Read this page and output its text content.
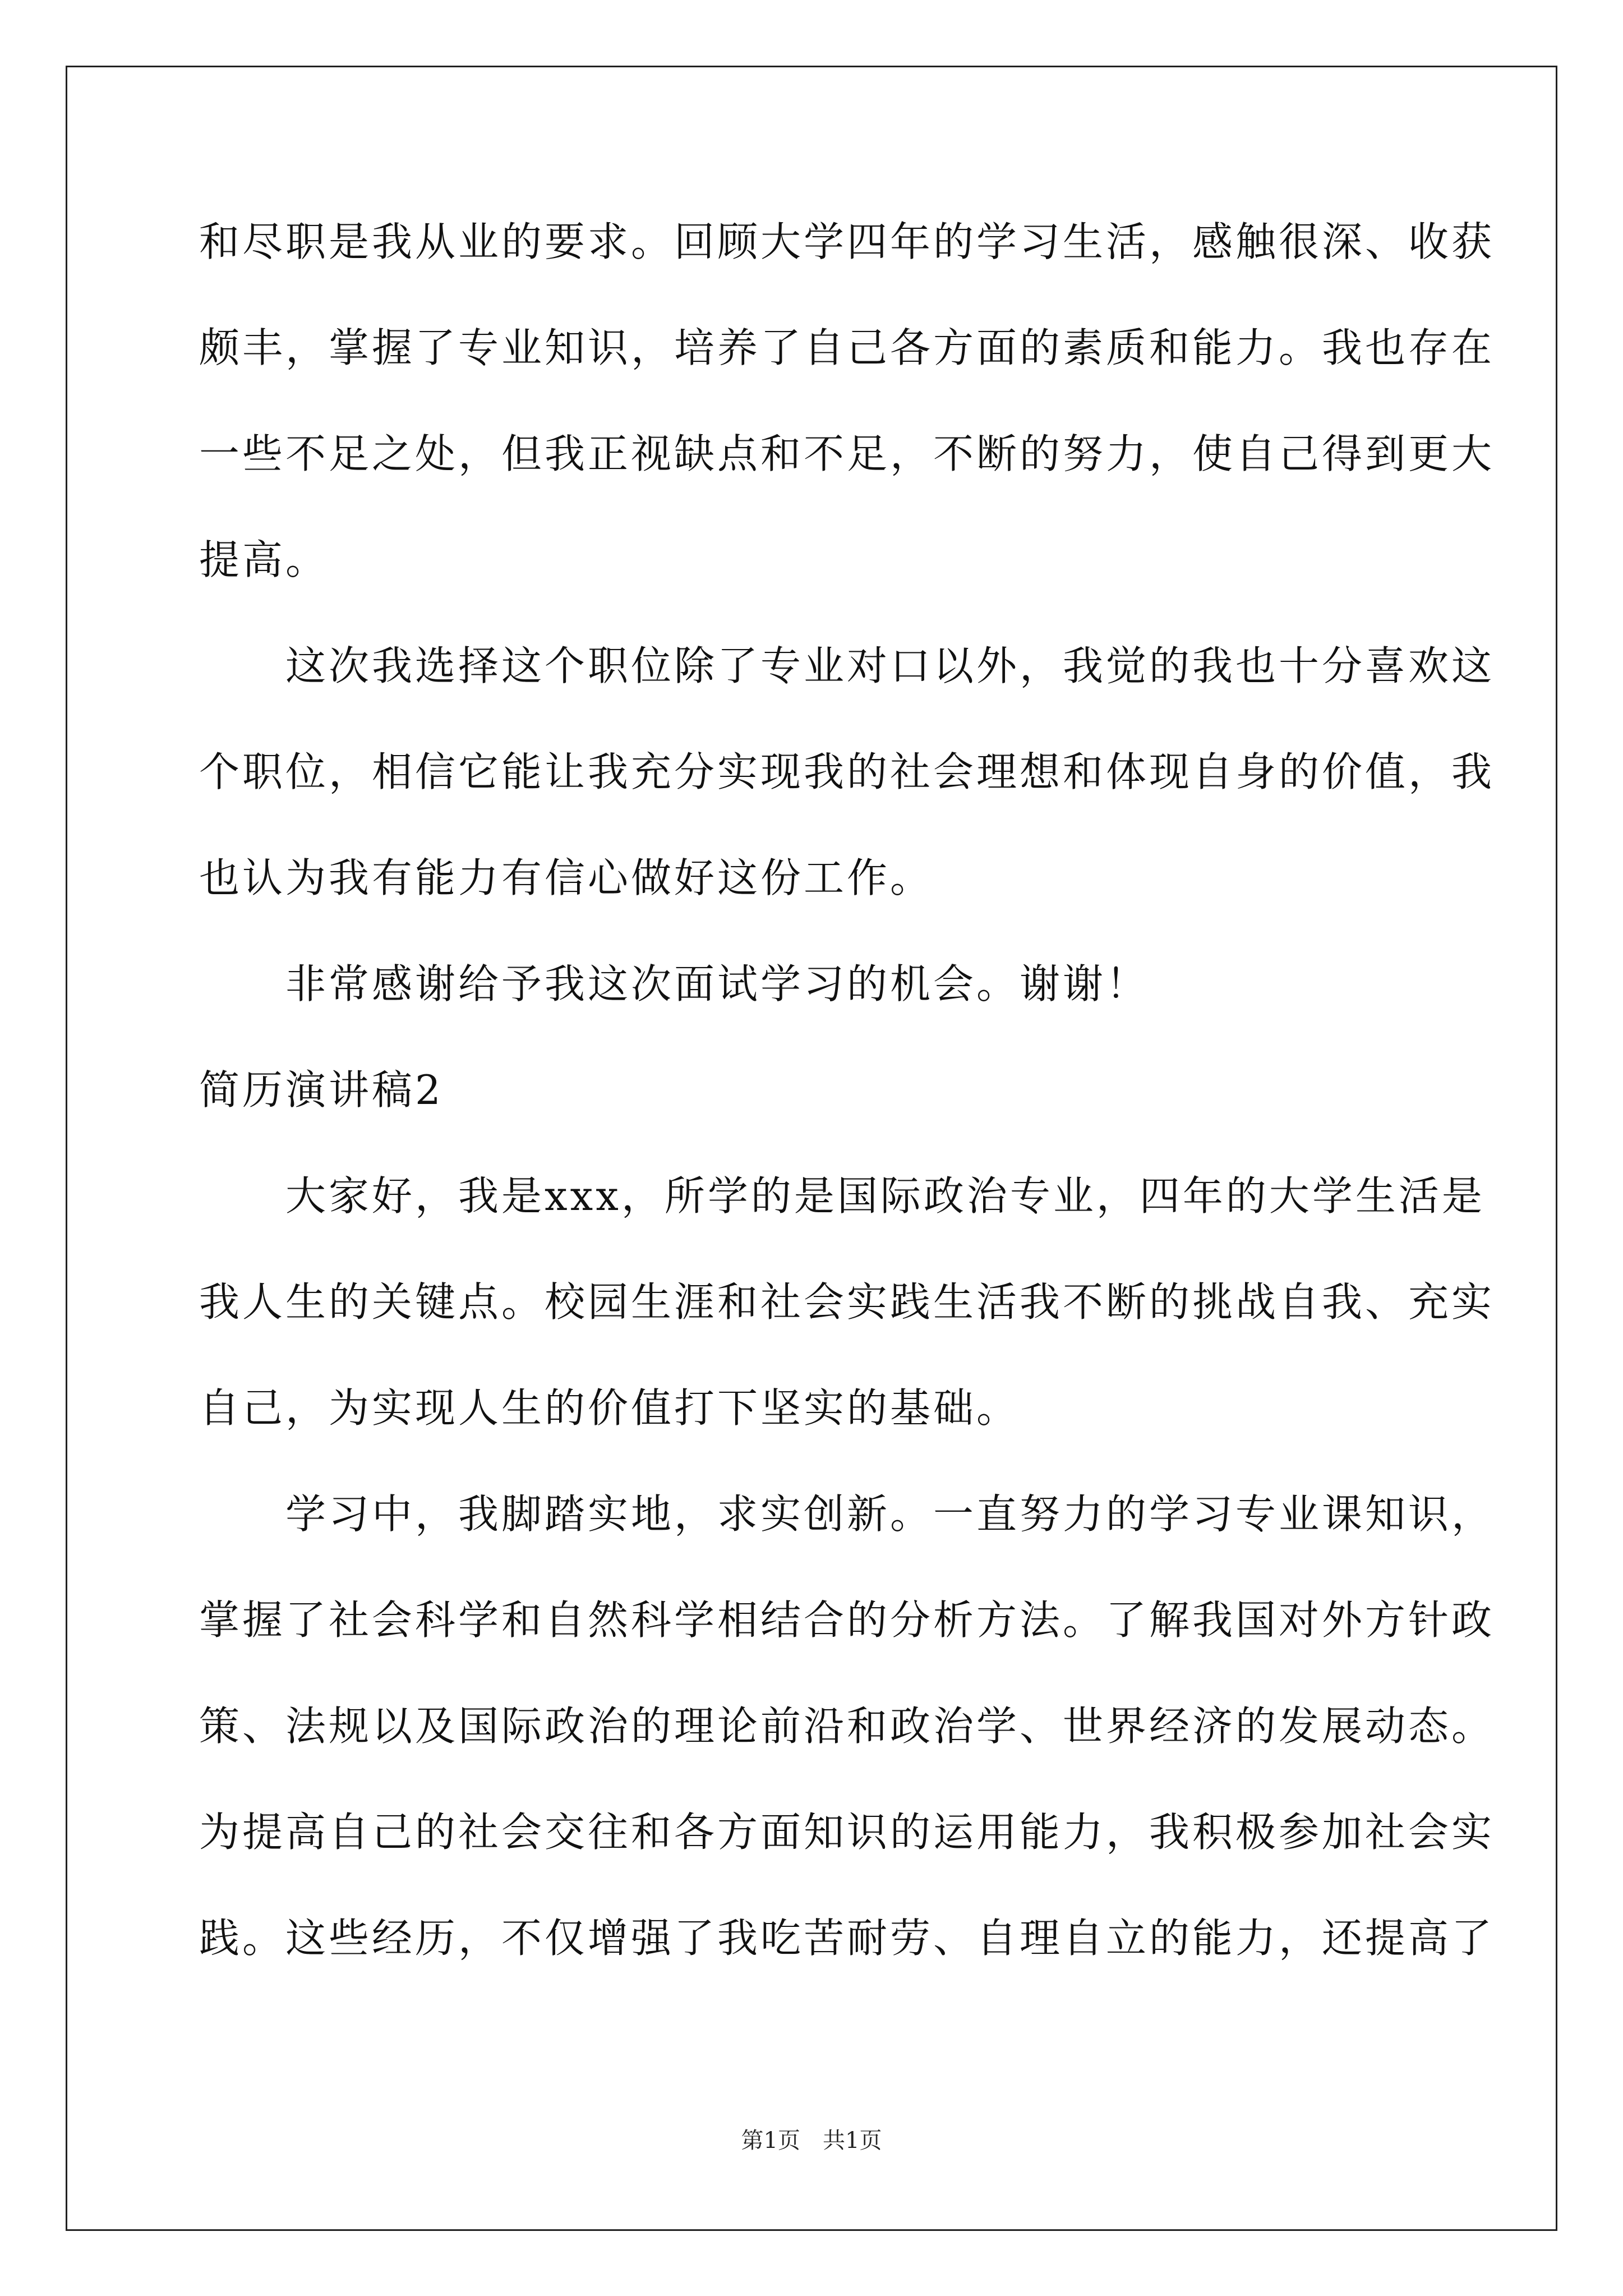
和尽职是我从业的要求。回顾大学四年的学习生活，感触很深、收获
颇丰，掌握了专业知识，培养了自己各方面的素质和能力。我也存在
一些不足之处，但我正视缺点和不足，不断的努力，使自己得到更大
提高。
　　这次我选择这个职位除了专业对口以外，我觉的我也十分喜欢这
个职位，相信它能让我充分实现我的社会理想和体现自身的价值，我
也认为我有能力有信心做好这份工作。
　　非常感谢给予我这次面试学习的机会。谢谢！
简历演讲稿2
　　大家好，我是xxx，所学的是国际政治专业，四年的大学生活是
我人生的关键点。校园生涯和社会实践生活我不断的挑战自我、充实
自己，为实现人生的价值打下坚实的基础。
　　学习中，我脚踏实地，求实创新。一直努力的学习专业课知识，
掌握了社会科学和自然科学相结合的分析方法。了解我国对外方针政
策、法规以及国际政治的理论前沿和政治学、世界经济的发展动态。
为提高自己的社会交往和各方面知识的运用能力，我积极参加社会实
践。这些经历，不仅增强了我吃苦耐劳、自理自立的能力，还提高了
第1页　共1页
